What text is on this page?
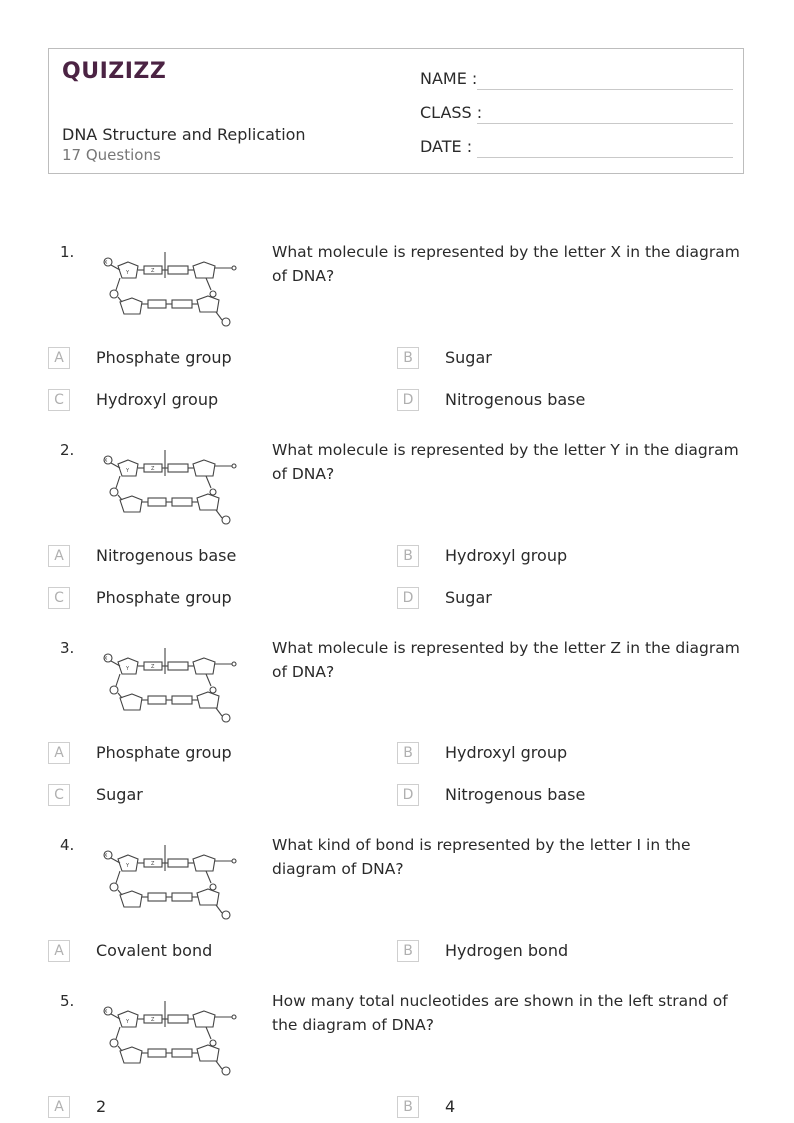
QUIZIZZ
DNA Structure and Replication
17 Questions
NAME :
CLASS :
DATE :
1.
Y	Z
X
What molecule is represented by the letter X in the diagram of DNA?
A	Phosphate group	B	Sugar
C	Hydroxyl group	D	Nitrogenous base
2.
Y	Z
X
What molecule is represented by the letter Y in the diagram of DNA?
A	Nitrogenous base	B	Hydroxyl group
C	Phosphate group	D	Sugar
3.
Y	Z
X
What molecule is represented by the letter Z in the diagram of DNA?
A	Phosphate group	B	Hydroxyl group
C	Sugar	D	Nitrogenous base
4.
Y	Z
X
What kind of bond is represented by the letter I in the diagram of DNA?
A	Covalent bond	B	Hydrogen bond
5.
Y	Z
X
How many total nucleotides are shown in the left strand of the diagram of DNA?
A	2	B	4
